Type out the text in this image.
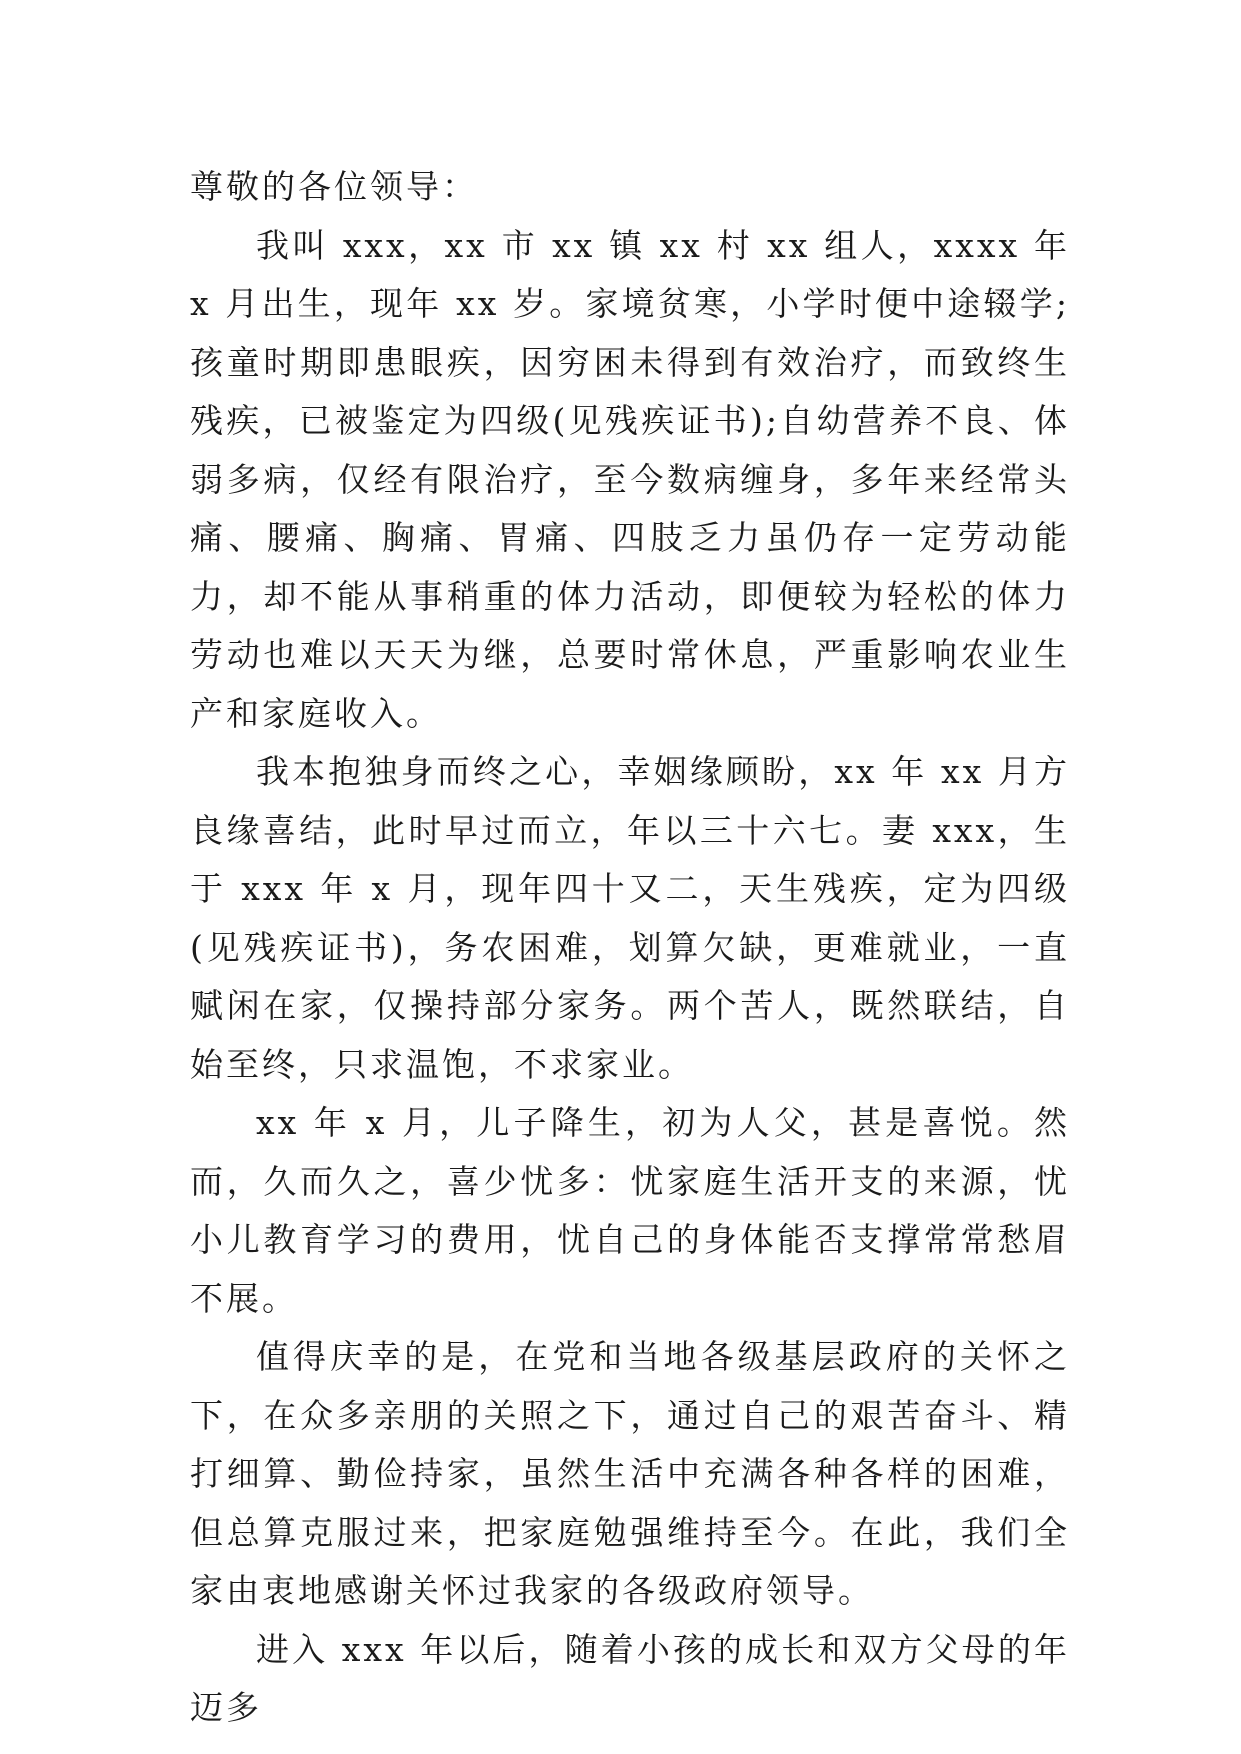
尊敬的各位领导：

我叫 xxx，xx 市 xx 镇 xx 村 xx 组人，xxxx 年 x 月出生，现年 xx 岁。家境贫寒，小学时便中途辍学;孩童时期即患眼疾，因穷困未得到有效治疗，而致终生残疾，已被鉴定为四级(见残疾证书);自幼营养不良、体弱多病，仅经有限治疗，至今数病缠身，多年来经常头痛、腰痛、胸痛、胃痛、四肢乏力虽仍存一定劳动能力，却不能从事稍重的体力活动，即便较为轻松的体力劳动也难以天天为继，总要时常休息，严重影响农业生产和家庭收入。

我本抱独身而终之心，幸姻缘顾盼，xx 年 xx 月方良缘喜结，此时早过而立，年以三十六七。妻 xxx，生于 xxx 年 x 月，现年四十又二，天生残疾，定为四级(见残疾证书)，务农困难，划算欠缺，更难就业，一直赋闲在家，仅操持部分家务。两个苦人，既然联结，自始至终，只求温饱，不求家业。

xx 年 x 月，儿子降生，初为人父，甚是喜悦。然而，久而久之，喜少忧多：忧家庭生活开支的来源，忧小儿教育学习的费用，忧自己的身体能否支撑常常愁眉不展。

值得庆幸的是，在党和当地各级基层政府的关怀之下，在众多亲朋的关照之下，通过自己的艰苦奋斗、精打细算、勤俭持家，虽然生活中充满各种各样的困难，但总算克服过来，把家庭勉强维持至今。在此，我们全家由衷地感谢关怀过我家的各级政府领导。

进入 xxx 年以后，随着小孩的成长和双方父母的年迈多
